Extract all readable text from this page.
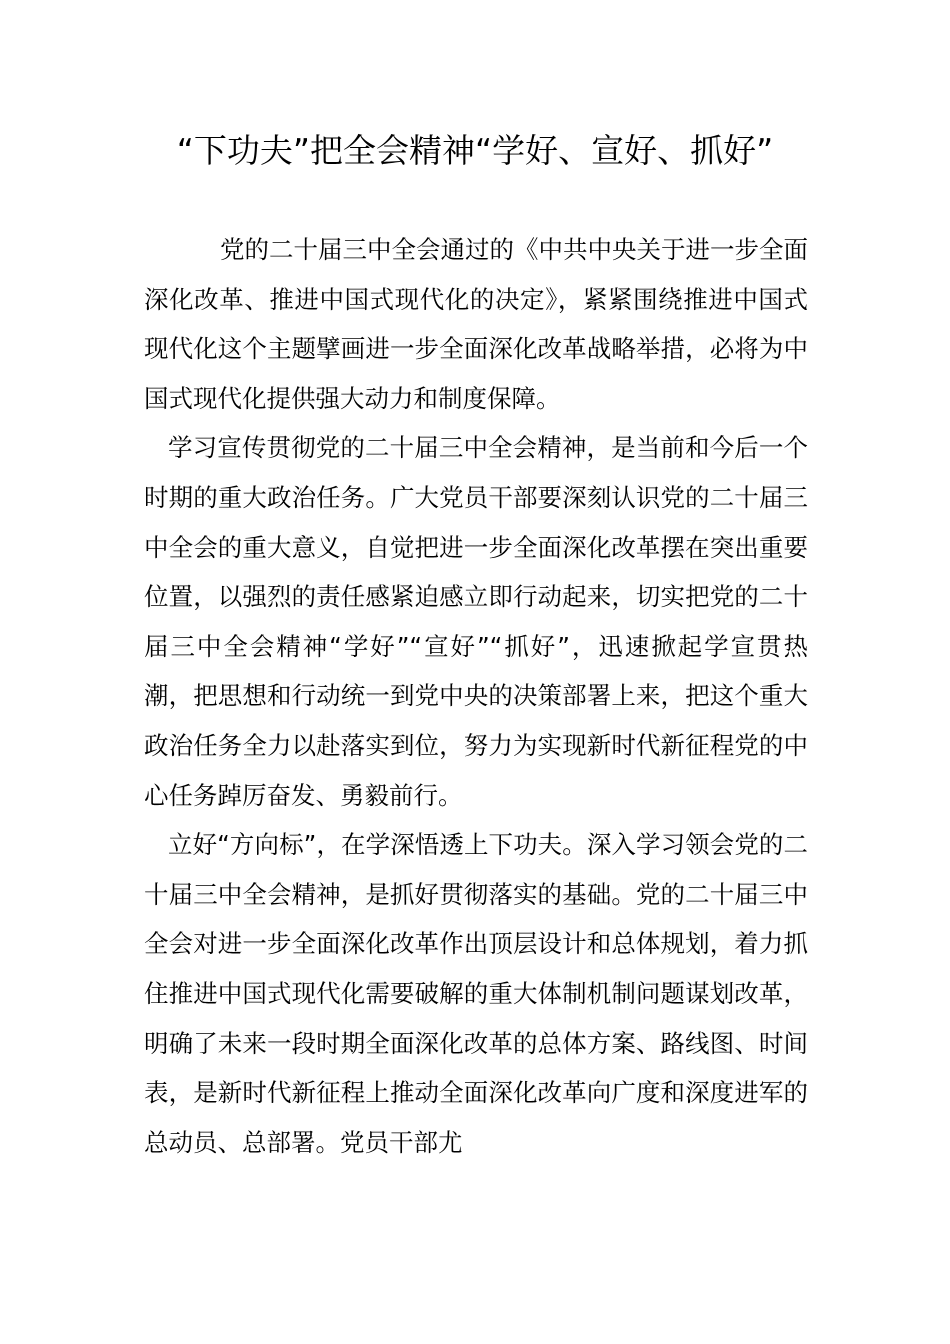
“下功夫”把全会精神“学好、宣好、抓好”

党的二十届三中全会通过的《中共中央关于进一步全面深化改革、推进中国式现代化的决定》，紧紧围绕推进中国式现代化这个主题擘画进一步全面深化改革战略举措，必将为中国式现代化提供强大动力和制度保障。

学习宣传贯彻党的二十届三中全会精神，是当前和今后一个时期的重大政治任务。广大党员干部要深刻认识党的二十届三中全会的重大意义，自觉把进一步全面深化改革摆在突出重要位置，以强烈的责任感紧迫感立即行动起来，切实把党的二十届三中全会精神“学好”“宣好”“抓好”，迅速掀起学宣贯热潮，把思想和行动统一到党中央的决策部署上来，把这个重大政治任务全力以赴落实到位，努力为实现新时代新征程党的中心任务踔厉奋发、勇毅前行。

立好“方向标”，在学深悟透上下功夫。深入学习领会党的二十届三中全会精神，是抓好贯彻落实的基础。党的二十届三中全会对进一步全面深化改革作出顶层设计和总体规划，着力抓住推进中国式现代化需要破解的重大体制机制问题谋划改革，明确了未来一段时期全面深化改革的总体方案、路线图、时间表，是新时代新征程上推动全面深化改革向广度和深度进军的总动员、总部署。党员干部尤
